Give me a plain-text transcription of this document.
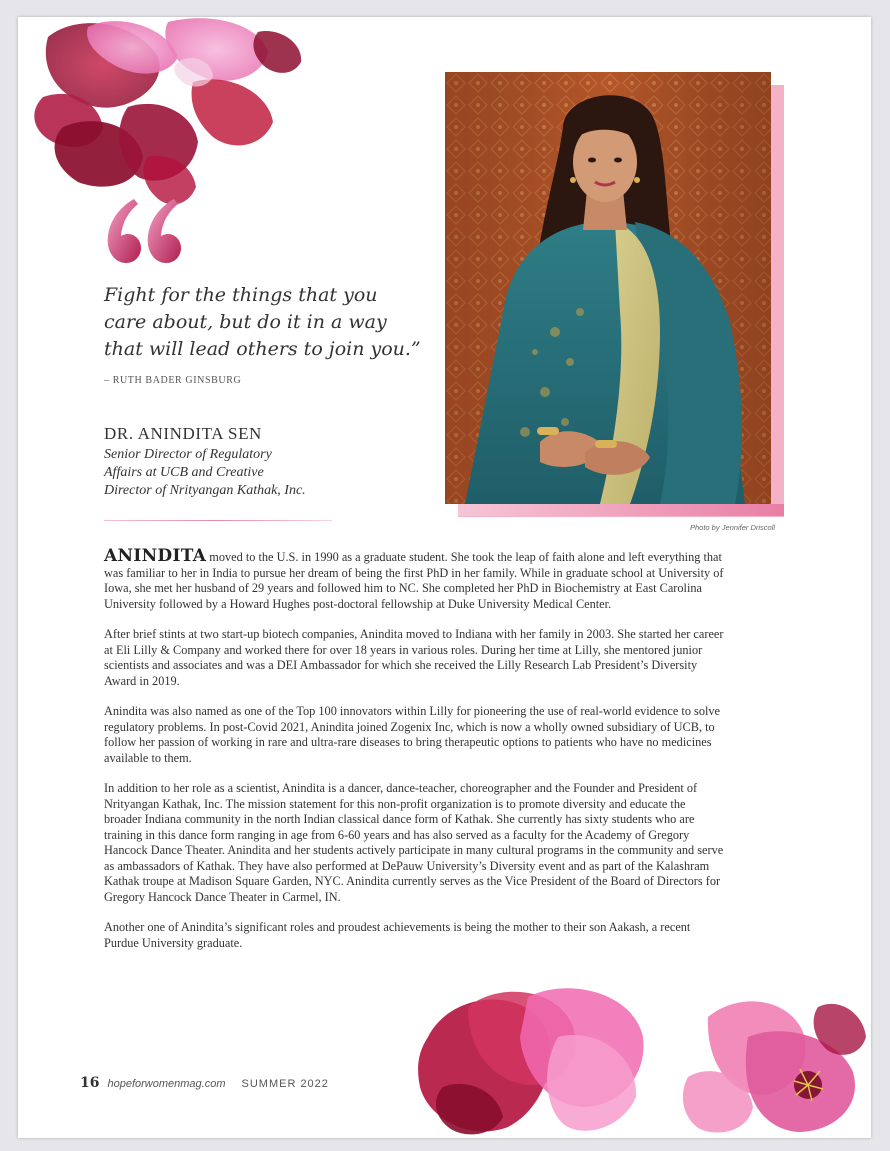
Fight for the things that you
care about, but do it in a way
that will lead others to join you.”
– RUTH BADER GINSBURG
DR. ANINDITA SEN
Senior Director of Regulatory
Affairs at UCB and Creative
Director of Nrityangan Kathak, Inc.
Photo by Jennifer Driscoll

ANINDITA moved to the U.S. in 1990 as a graduate student. She took the leap of faith alone and left everything that was familiar to her in India to pursue her dream of being the first PhD in her family. While in graduate school at University of Iowa, she met her husband of 29 years and followed him to NC. She completed her PhD in Biochemistry at East Carolina University followed by a Howard Hughes post-doctoral fellowship at Duke University Medical Center.

After brief stints at two start-up biotech companies, Anindita moved to Indiana with her family in 2003. She started her career at Eli Lilly & Company and worked there for over 18 years in various roles. During her time at Lilly, she mentored junior scientists and associates and was a DEI Ambassador for which she received the Lilly Research Lab President’s Diversity Award in 2019.

Anindita was also named as one of the Top 100 innovators within Lilly for pioneering the use of real-world evidence to solve regulatory problems. In post-Covid 2021, Anindita joined Zogenix Inc, which is now a wholly owned subsidiary of UCB, to follow her passion of working in rare and ultra-rare diseases to bring therapeutic options to patients who have no medicines available to them.

In addition to her role as a scientist, Anindita is a dancer, dance-teacher, choreographer and the Founder and President of Nrityangan Kathak, Inc. The mission statement for this non-profit organization is to promote diversity and educate the broader Indiana community in the north Indian classical dance form of Kathak. She currently has sixty students who are training in this dance form ranging in age from 6-60 years and has also served as a faculty for the Academy of Gregory Hancock Dance Theater. Anindita and her students actively participate in many cultural programs in the community and serve as ambassadors of Kathak. They have also performed at DePauw University’s Diversity event and as part of the Kalashram Kathak troupe at Madison Square Garden, NYC. Anindita currently serves as the Vice President of the Board of Directors for Gregory Hancock Dance Theater in Carmel, IN.

Another one of Anindita’s significant roles and proudest achievements is being the mother to their son Aakash, a recent Purdue University graduate.

16 hopeforwomenmag.com SUMMER 2022
